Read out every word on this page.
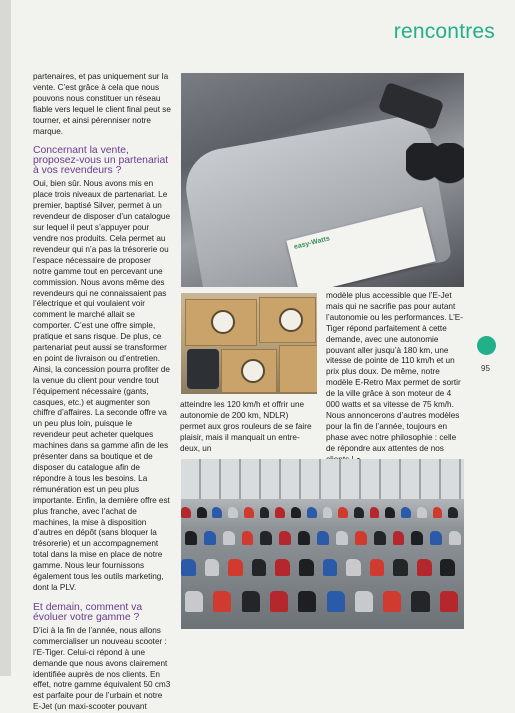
rencontres

partenaires, et pas uniquement sur la vente. C’est grâce à cela que nous pouvons nous constituer un réseau fiable vers lequel le client final peut se tourner, et ainsi pérenniser notre marque.

Concernant la vente, proposez-vous un partenariat à vos revendeurs ?

Oui, bien sûr. Nous avons mis en place trois niveaux de partenariat. Le premier, baptisé Silver, permet à un revendeur de disposer d’un catalogue sur lequel il peut s’appuyer pour vendre nos produits. Cela permet au revendeur qui n’a pas la trésorerie ou l’espace nécessaire de proposer notre gamme tout en percevant une commission. Nous avons même des revendeurs qui ne connaissaient pas l’électrique et qui voulaient voir comment le marché allait se comporter. C’est une offre simple, pratique et sans risque. De plus, ce partenariat peut aussi se transformer en point de livraison ou d’entretien. Ainsi, la concession pourra profiter de la venue du client pour vendre tout l’équipement nécessaire (gants, casques, etc.) et augmenter son chiffre d’affaires. La seconde offre va un peu plus loin, puisque le revendeur peut acheter quelques machines dans sa gamme afin de les présenter dans sa boutique et de disposer du catalogue afin de répondre à tous les besoins. La rémunération est un peu plus importante. Enfin, la dernière offre est plus franche, avec l’achat de machines, la mise à disposition d’autres en dépôt (sans bloquer la trésorerie) et un accompagnement total dans la mise en place de notre gamme. Nous leur fournissons également tous les outils marketing, dont la PLV.

Et demain, comment va évoluer votre gamme ?

D’ici à la fin de l’année, nous allons commercialiser un nouveau scooter : l’E-Tiger. Celui-ci répond à une demande que nous avons clairement identifiée auprès de nos clients. En effet, notre gamme équivalent 50 cm3 est parfaite pour de l’urbain et notre E-Jet (un maxi-scooter pouvant

easy-Watts

atteindre les 120 km/h et offrir une autonomie de 200 km, NDLR) permet aux gros rouleurs de se faire plaisir, mais il manquait un entre-deux, un

modèle plus accessible que l’E-Jet mais qui ne sacrifie pas pour autant l’autonomie ou les performances. L’E-Tiger répond parfaitement à cette demande, avec une autonomie pouvant aller jusqu’à 180 km, une vitesse de pointe de 110 km/h et un prix plus doux. De même, notre modèle E-Retro Max permet de sortir de la ville grâce à son moteur de 4 000 watts et sa vitesse de 75 km/h. Nous annoncerons d’autres modèles pour la fin de l’année, toujours en phase avec notre philosophie : celle de répondre aux attentes de nos

95
